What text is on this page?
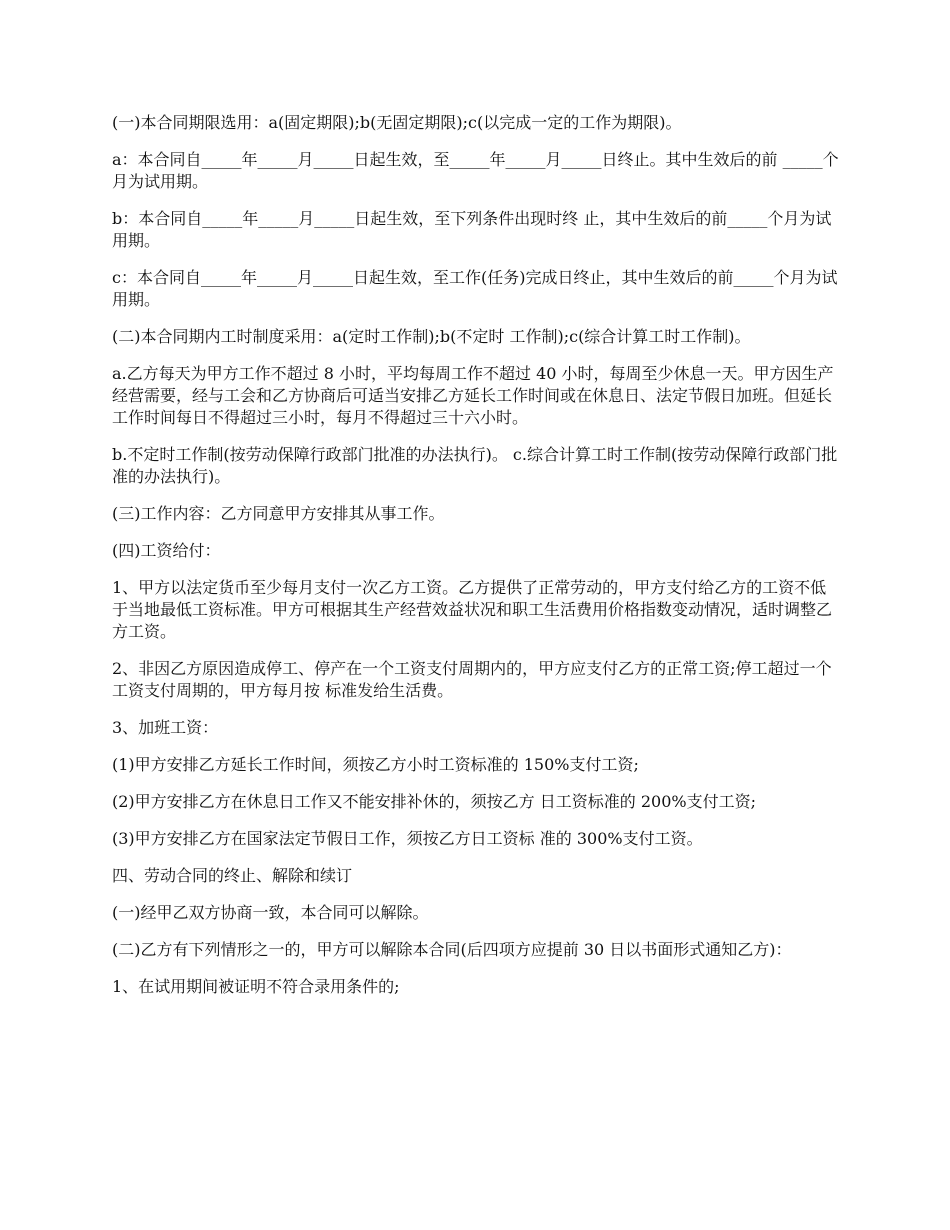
(一)本合同期限选用：a(固定期限);b(无固定期限);c(以完成一定的工作为期限)。

a：本合同自_____年_____月_____日起生效，至_____年_____月_____日终止。其中生效后的前 _____个月为试用期。

b：本合同自_____年_____月_____日起生效，至下列条件出现时终 止，其中生效后的前_____个月为试用期。

c：本合同自_____年_____月_____日起生效，至工作(任务)完成日终止，其中生效后的前_____个月为试用期。

(二)本合同期内工时制度采用：a(定时工作制);b(不定时 工作制);c(综合计算工时工作制)。

a.乙方每天为甲方工作不超过 8 小时，平均每周工作不超过 40 小时，每周至少休息一天。甲方因生产经营需要，经与工会和乙方协商后可适当安排乙方延长工作时间或在休息日、法定节假日加班。但延长工作时间每日不得超过三小时，每月不得超过三十六小时。

b.不定时工作制(按劳动保障行政部门批准的办法执行)。 c.综合计算工时工作制(按劳动保障行政部门批准的办法执行)。

(三)工作内容：乙方同意甲方安排其从事工作。

(四)工资给付：

1、甲方以法定货币至少每月支付一次乙方工资。乙方提供了正常劳动的，甲方支付给乙方的工资不低于当地最低工资标准。甲方可根据其生产经营效益状况和职工生活费用价格指数变动情况，适时调整乙方工资。

2、非因乙方原因造成停工、停产在一个工资支付周期内的，甲方应支付乙方的正常工资;停工超过一个工资支付周期的，甲方每月按 标准发给生活费。

3、加班工资：

(1)甲方安排乙方延长工作时间，须按乙方小时工资标准的 150%支付工资;

(2)甲方安排乙方在休息日工作又不能安排补休的，须按乙方 日工资标准的 200%支付工资;

(3)甲方安排乙方在国家法定节假日工作，须按乙方日工资标 准的 300%支付工资。

四、劳动合同的终止、解除和续订

(一)经甲乙双方协商一致，本合同可以解除。

(二)乙方有下列情形之一的，甲方可以解除本合同(后四项方应提前 30 日以书面形式通知乙方)：

1、在试用期间被证明不符合录用条件的;
